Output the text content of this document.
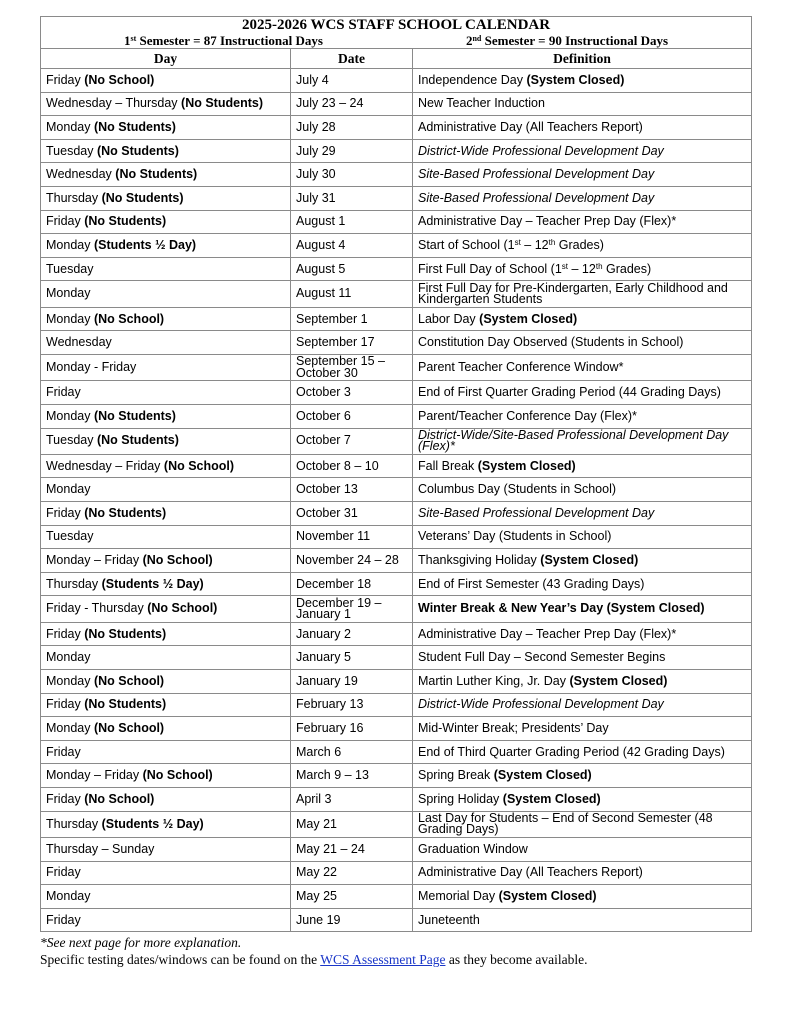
2025-2026 WCS STAFF SCHOOL CALENDAR
1st Semester = 87 Instructional Days 2nd Semester = 90 Instructional Days		

Day	Date	Definition
Friday (No School)	July 4	Independence Day (System Closed)
Wednesday – Thursday (No Students)	July 23 – 24	New Teacher Induction
Monday (No Students)	July 28	Administrative Day (All Teachers Report)
Tuesday (No Students)	July 29	District-Wide Professional Development Day
Wednesday (No Students)	July 30	Site-Based Professional Development Day
Thursday (No Students)	July 31	Site-Based Professional Development Day
Friday (No Students)	August 1	Administrative Day – Teacher Prep Day (Flex)*
Monday (Students ½ Day)	August 4	Start of School (1st – 12th Grades)
Tuesday	August 5	First Full Day of School (1st – 12th Grades)
Monday	August 11	First Full Day for Pre-Kindergarten, Early Childhood and Kindergarten Students
Monday (No School)	September 1	Labor Day (System Closed)
Wednesday	September 17	Constitution Day Observed (Students in School)
Monday - Friday	September 15 – October 30	Parent Teacher Conference Window*
Friday	October 3	End of First Quarter Grading Period (44 Grading Days)
Monday (No Students)	October 6	Parent/Teacher Conference Day (Flex)*
Tuesday (No Students)	October 7	District-Wide/Site-Based Professional Development Day (Flex)*
Wednesday – Friday (No School)	October 8 – 10	Fall Break (System Closed)
Monday	October 13	Columbus Day (Students in School)
Friday (No Students)	October 31	Site-Based Professional Development Day
Tuesday	November 11	Veterans’ Day (Students in School)
Monday – Friday (No School)	November 24 – 28	Thanksgiving Holiday (System Closed)
Thursday (Students ½ Day)	December 18	End of First Semester (43 Grading Days)
Friday - Thursday (No School)	December 19 – January 1	Winter Break & New Year’s Day (System Closed)
Friday (No Students)	January 2	Administrative Day – Teacher Prep Day (Flex)*
Monday	January 5	Student Full Day – Second Semester Begins
Monday (No School)	January 19	Martin Luther King, Jr. Day (System Closed)
Friday (No Students)	February 13	District-Wide Professional Development Day
Monday (No School)	February 16	Mid-Winter Break; Presidents’ Day
Friday	March 6	End of Third Quarter Grading Period (42 Grading Days)
Monday – Friday (No School)	March 9 – 13	Spring Break (System Closed)
Friday (No School)	April 3	Spring Holiday (System Closed)
Thursday (Students ½ Day)	May 21	Last Day for Students – End of Second Semester (48 Grading Days)
Thursday – Sunday	May 21 – 24	Graduation Window
Friday	May 22	Administrative Day (All Teachers Report)
Monday	May 25	Memorial Day (System Closed)
Friday	June 19	Juneteenth
*See next page for more explanation.
Specific testing dates/windows can be found on the WCS Assessment Page as they become available.
